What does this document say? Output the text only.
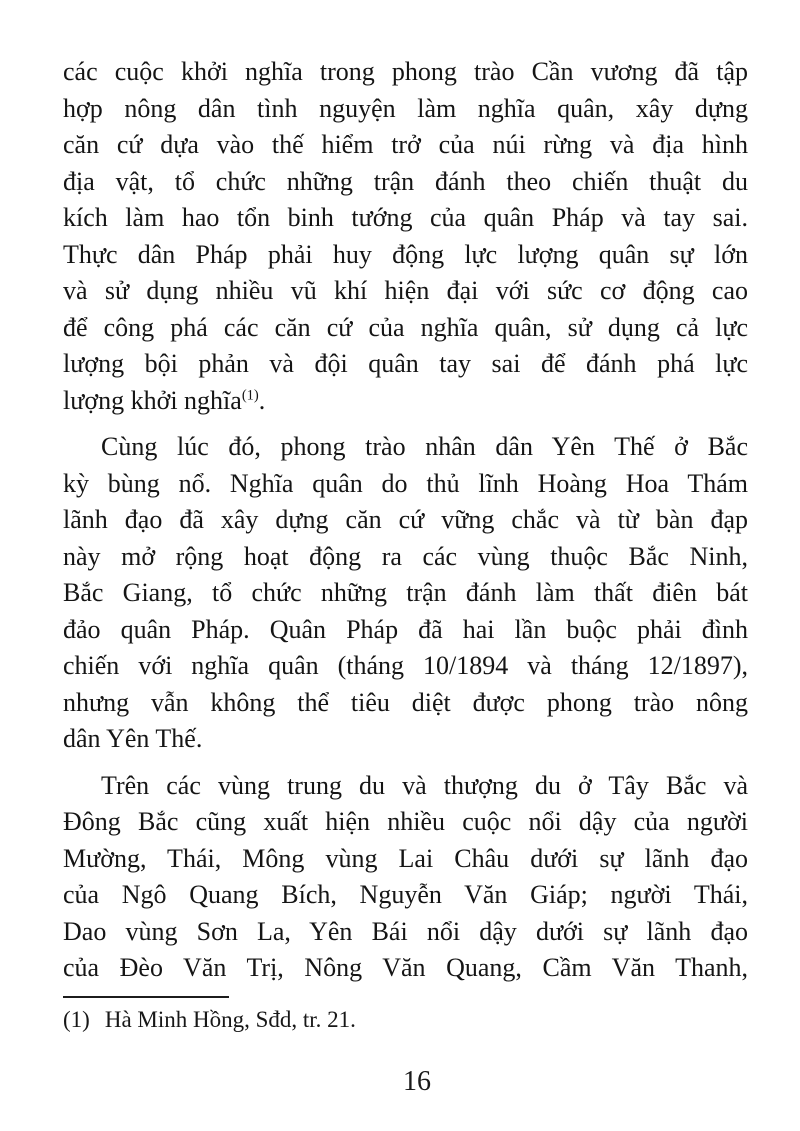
các cuộc khởi nghĩa trong phong trào Cần vương đã tập
hợp nông dân tình nguyện làm nghĩa quân, xây dựng
căn cứ dựa vào thế hiểm trở của núi rừng và địa hình
địa vật, tổ chức những trận đánh theo chiến thuật du
kích làm hao tổn binh tướng của quân Pháp và tay sai.
Thực dân Pháp phải huy động lực lượng quân sự lớn
và sử dụng nhiều vũ khí hiện đại với sức cơ động cao
để công phá các căn cứ của nghĩa quân, sử dụng cả lực
lượng bội phản và đội quân tay sai để đánh phá lực
lượng khởi nghĩa$^{(1)}$.
Cùng lúc đó, phong trào nhân dân Yên Thế ở Bắc
kỳ bùng nổ. Nghĩa quân do thủ lĩnh Hoàng Hoa Thám
lãnh đạo đã xây dựng căn cứ vững chắc và từ bàn đạp
này mở rộng hoạt động ra các vùng thuộc Bắc Ninh,
Bắc Giang, tổ chức những trận đánh làm thất điên bát
đảo quân Pháp. Quân Pháp đã hai lần buộc phải đình
chiến với nghĩa quân (tháng 10/1894 và tháng 12/1897),
nhưng vẫn không thể tiêu diệt được phong trào nông
dân Yên Thế.
Trên các vùng trung du và thượng du ở Tây Bắc và
Đông Bắc cũng xuất hiện nhiều cuộc nổi dậy của người
Mường, Thái, Mông vùng Lai Châu dưới sự lãnh đạo
của Ngô Quang Bích, Nguyễn Văn Giáp; người Thái,
Dao vùng Sơn La, Yên Bái nổi dậy dưới sự lãnh đạo
của Đèo Văn Trị, Nông Văn Quang, Cầm Văn Thanh,
(1) Hà Minh Hồng, Sđd, tr. 21.
16
